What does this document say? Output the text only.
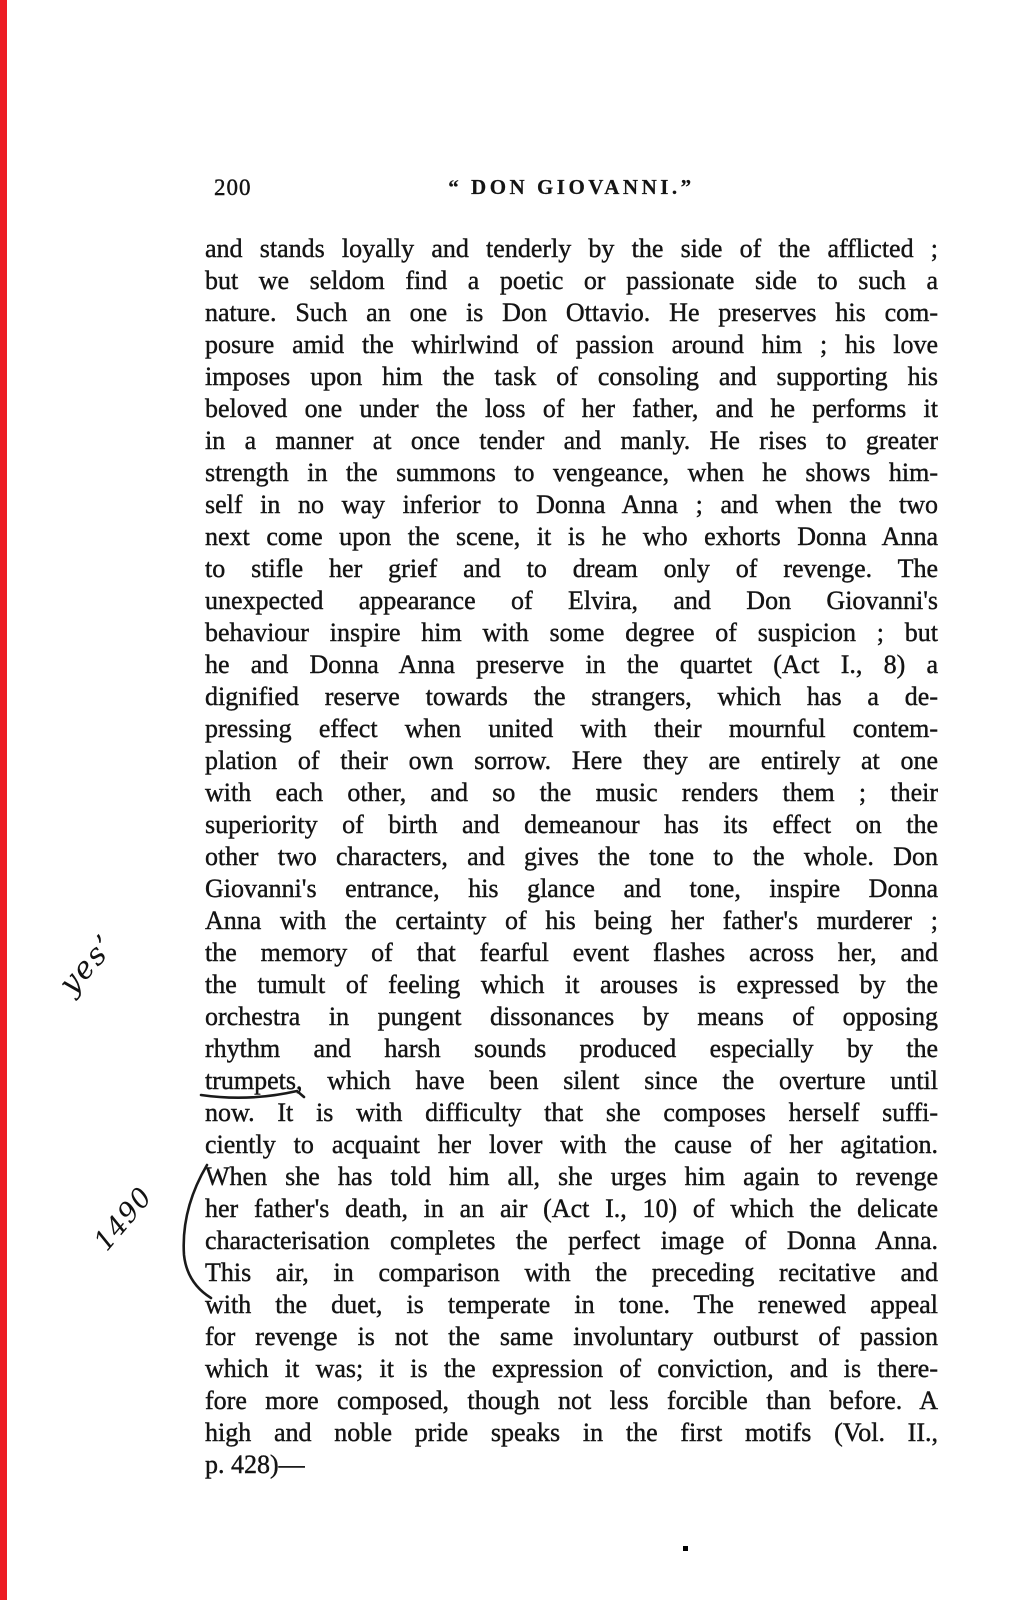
200	“ DON GIOVANNI.”
and stands loyally and tenderly by the side of the afflicted ;
but we seldom find a poetic or passionate side to such a
nature. Such an one is Don Ottavio. He preserves his com-
posure amid the whirlwind of passion around him ; his love
imposes upon him the task of consoling and supporting his
beloved one under the loss of her father, and he performs it
in a manner at once tender and manly. He rises to greater
strength in the summons to vengeance, when he shows him-
self in no way inferior to Donna Anna ; and when the two
next come upon the scene, it is he who exhorts Donna Anna
to stifle her grief and to dream only of revenge. The
unexpected appearance of Elvira, and Don Giovanni's
behaviour inspire him with some degree of suspicion ; but
he and Donna Anna preserve in the quartet (Act I., 8) a
dignified reserve towards the strangers, which has a de-
pressing effect when united with their mournful contem-
plation of their own sorrow. Here they are entirely at one
with each other, and so the music renders them ; their
superiority of birth and demeanour has its effect on the
other two characters, and gives the tone to the whole. Don
Giovanni's entrance, his glance and tone, inspire Donna
Anna with the certainty of his being her father's murderer ;
the memory of that fearful event flashes across her, and
the tumult of feeling which it arouses is expressed by the
orchestra in pungent dissonances by means of opposing
rhythm and harsh sounds produced especially by the
trumpets, which have been silent since the overture until
now. It is with difficulty that she composes herself suffi-
ciently to acquaint her lover with the cause of her agitation.
When she has told him all, she urges him again to revenge
her father's death, in an air (Act I., 10) of which the delicate
characterisation completes the perfect image of Donna Anna.
This air, in comparison with the preceding recitative and
with the duet, is temperate in tone. The renewed appeal
for revenge is not the same involuntary outburst of passion
which it was; it is the expression of conviction, and is there-
fore more composed, though not less forcible than before. A
high and noble pride speaks in the first motifs (Vol. II.,
p. 428)—
yes’
1490
